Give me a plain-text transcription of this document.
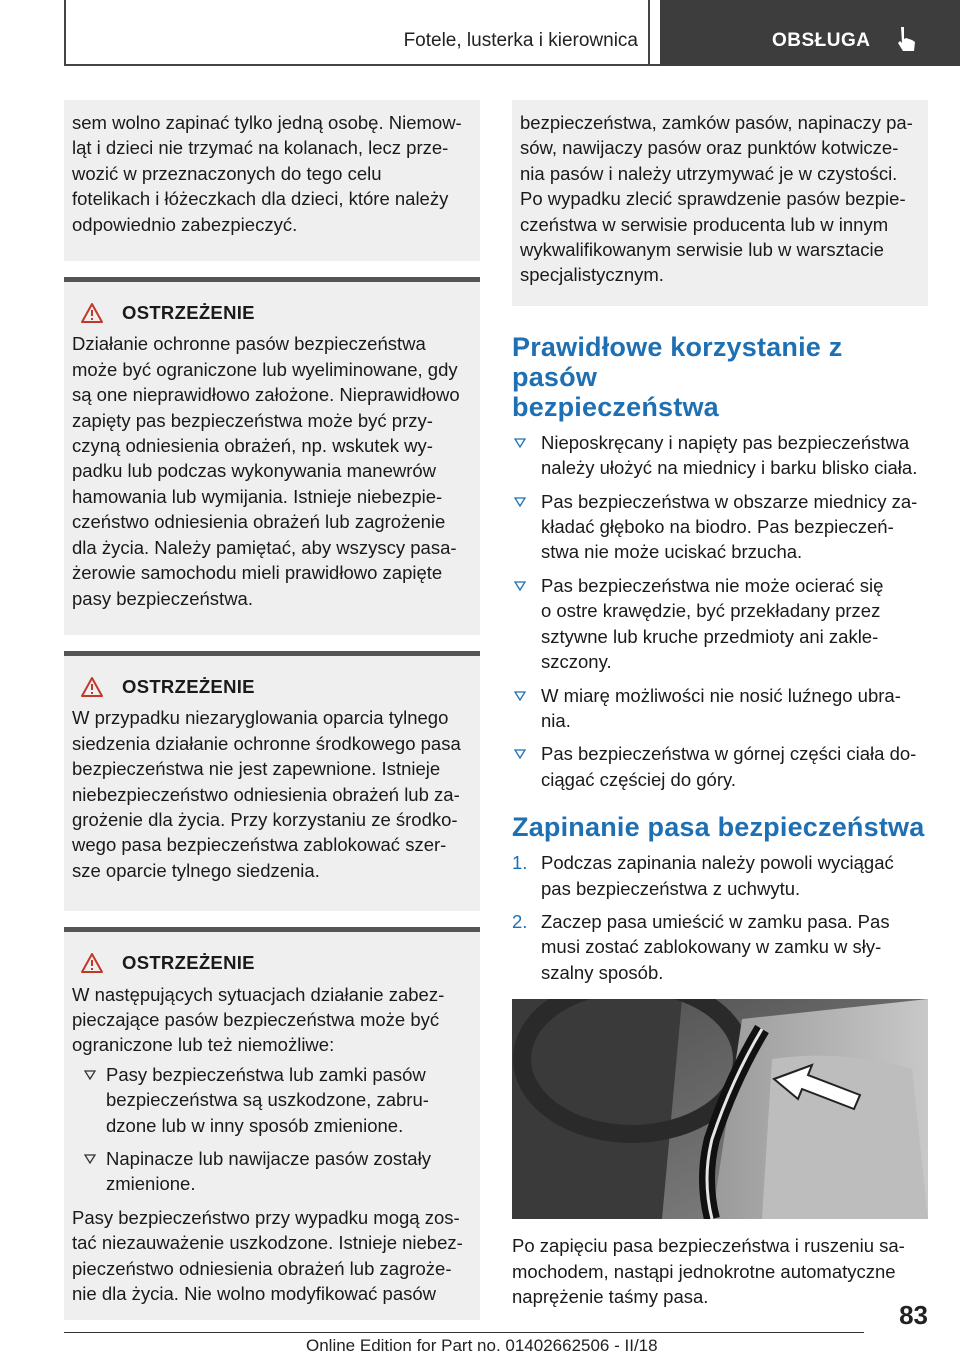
Fotele, lusterka i kierownica	OBSŁUGA
sem wolno zapinać tylko jedną osobę. Niemow‐
ląt i dzieci nie trzymać na kolanach, lecz prze‐
wozić w przeznaczonych do tego celu
fotelikach i łóżeczkach dla dzieci, które należy
odpowiednio zabezpieczyć.
OSTRZEŻENIE
Działanie ochronne pasów bezpieczeństwa
może być ograniczone lub wyeliminowane, gdy
są one nieprawidłowo założone. Nieprawidłowo
zapięty pas bezpieczeństwa może być przy‐
czyną odniesienia obrażeń, np. wskutek wy‐
padku lub podczas wykonywania manewrów
hamowania lub wymijania. Istnieje niebezpie‐
czeństwo odniesienia obrażeń lub zagrożenie
dla życia. Należy pamiętać, aby wszyscy pasa‐
żerowie samochodu mieli prawidłowo zapięte
pasy bezpieczeństwa.
OSTRZEŻENIE
W przypadku niezaryglowania oparcia tylnego
siedzenia działanie ochronne środkowego pasa
bezpieczeństwa nie jest zapewnione. Istnieje
niebezpieczeństwo odniesienia obrażeń lub za‐
grożenie dla życia. Przy korzystaniu ze środko‐
wego pasa bezpieczeństwa zablokować szer‐
sze oparcie tylnego siedzenia.
OSTRZEŻENIE
W następujących sytuacjach działanie zabez‐
pieczające pasów bezpieczeństwa może być
ograniczone lub też niemożliwe:
Pasy bezpieczeństwa lub zamki pasów
bezpieczeństwa są uszkodzone, zabru‐
dzone lub w inny sposób zmienione.
Napinacze lub nawijacze pasów zostały
zmienione.
Pasy bezpieczeństwo przy wypadku mogą zos‐
tać niezauważenie uszkodzone. Istnieje niebez‐
pieczeństwo odniesienia obrażeń lub zagroże‐
nie dla życia. Nie wolno modyfikować pasów
bezpieczeństwa, zamków pasów, napinaczy pa‐
sów, nawijaczy pasów oraz punktów kotwicze‐
nia pasów i należy utrzymywać je w czystości.
Po wypadku zlecić sprawdzenie pasów bezpie‐
czeństwa w serwisie producenta lub w innym
wykwalifikowanym serwisie lub w warsztacie
specjalistycznym.
Prawidłowe korzystanie z pasów
bezpieczeństwa
Nieposkręcany i napięty pas bezpieczeństwa
należy ułożyć na miednicy i barku blisko ciała.
Pas bezpieczeństwa w obszarze miednicy za‐
kładać głęboko na biodro. Pas bezpieczeń‐
stwa nie może uciskać brzucha.
Pas bezpieczeństwa nie może ocierać się
o ostre krawędzie, być przekładany przez
sztywne lub kruche przedmioty ani zakle‐
szczony.
W miarę możliwości nie nosić luźnego ubra‐
nia.
Pas bezpieczeństwa w górnej części ciała do‐
ciągać częściej do góry.
Zapinanie pasa bezpieczeństwa
1. Podczas zapinania należy powoli wyciągać
pas bezpieczeństwa z uchwytu.
2. Zaczep pasa umieścić w zamku pasa. Pas
musi zostać zablokowany w zamku w sły‐
szalny sposób.
Po zapięciu pasa bezpieczeństwa i ruszeniu sa‐
mochodem, nastąpi jednokrotne automatyczne
naprężenie taśmy pasa.
83
Online Edition for Part no. 01402662506 - II/18
